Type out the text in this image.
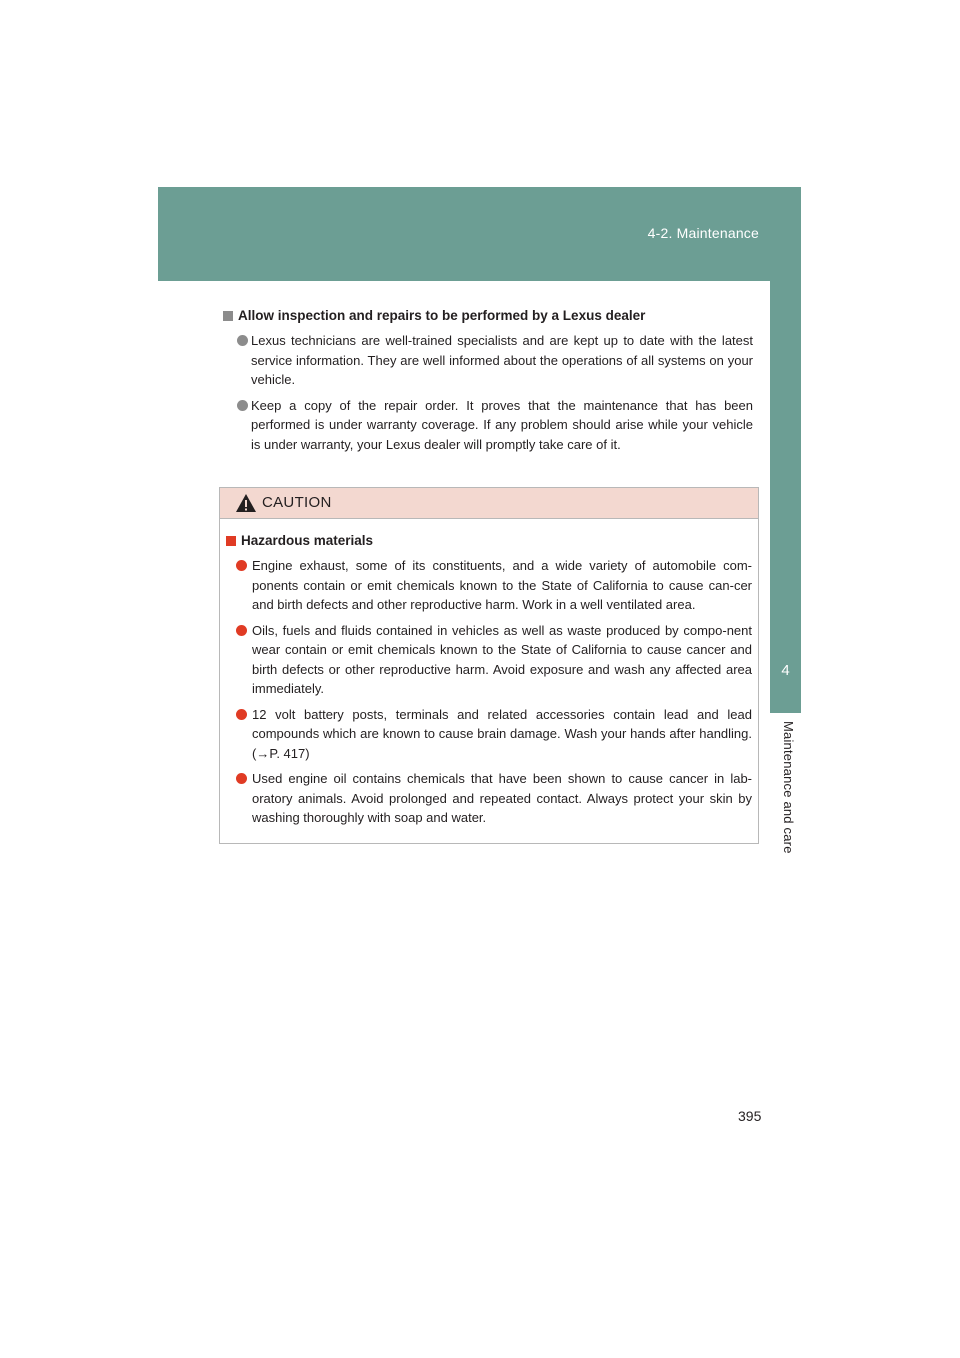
4-2. Maintenance
4
Maintenance and care
Allow inspection and repairs to be performed by a Lexus dealer
Lexus technicians are well-trained specialists and are kept up to date with the latest service information. They are well informed about the operations of all systems on your vehicle.
Keep a copy of the repair order. It proves that the maintenance that has been performed is under warranty coverage. If any problem should arise while your vehicle is under warranty, your Lexus dealer will promptly take care of it.
CAUTION
Hazardous materials
Engine exhaust, some of its constituents, and a wide variety of automobile com-ponents contain or emit chemicals known to the State of California to cause can-cer and birth defects and other reproductive harm. Work in a well ventilated area.
Oils, fuels and fluids contained in vehicles as well as waste produced by compo-nent wear contain or emit chemicals known to the State of California to cause cancer and birth defects or other reproductive harm. Avoid exposure and wash any affected area immediately.
12 volt battery posts, terminals and related accessories contain lead and lead compounds which are known to cause brain damage. Wash your hands after handling. (→P. 417)
Used engine oil contains chemicals that have been shown to cause cancer in lab-oratory animals. Avoid prolonged and repeated contact. Always protect your skin by washing thoroughly with soap and water.
395
